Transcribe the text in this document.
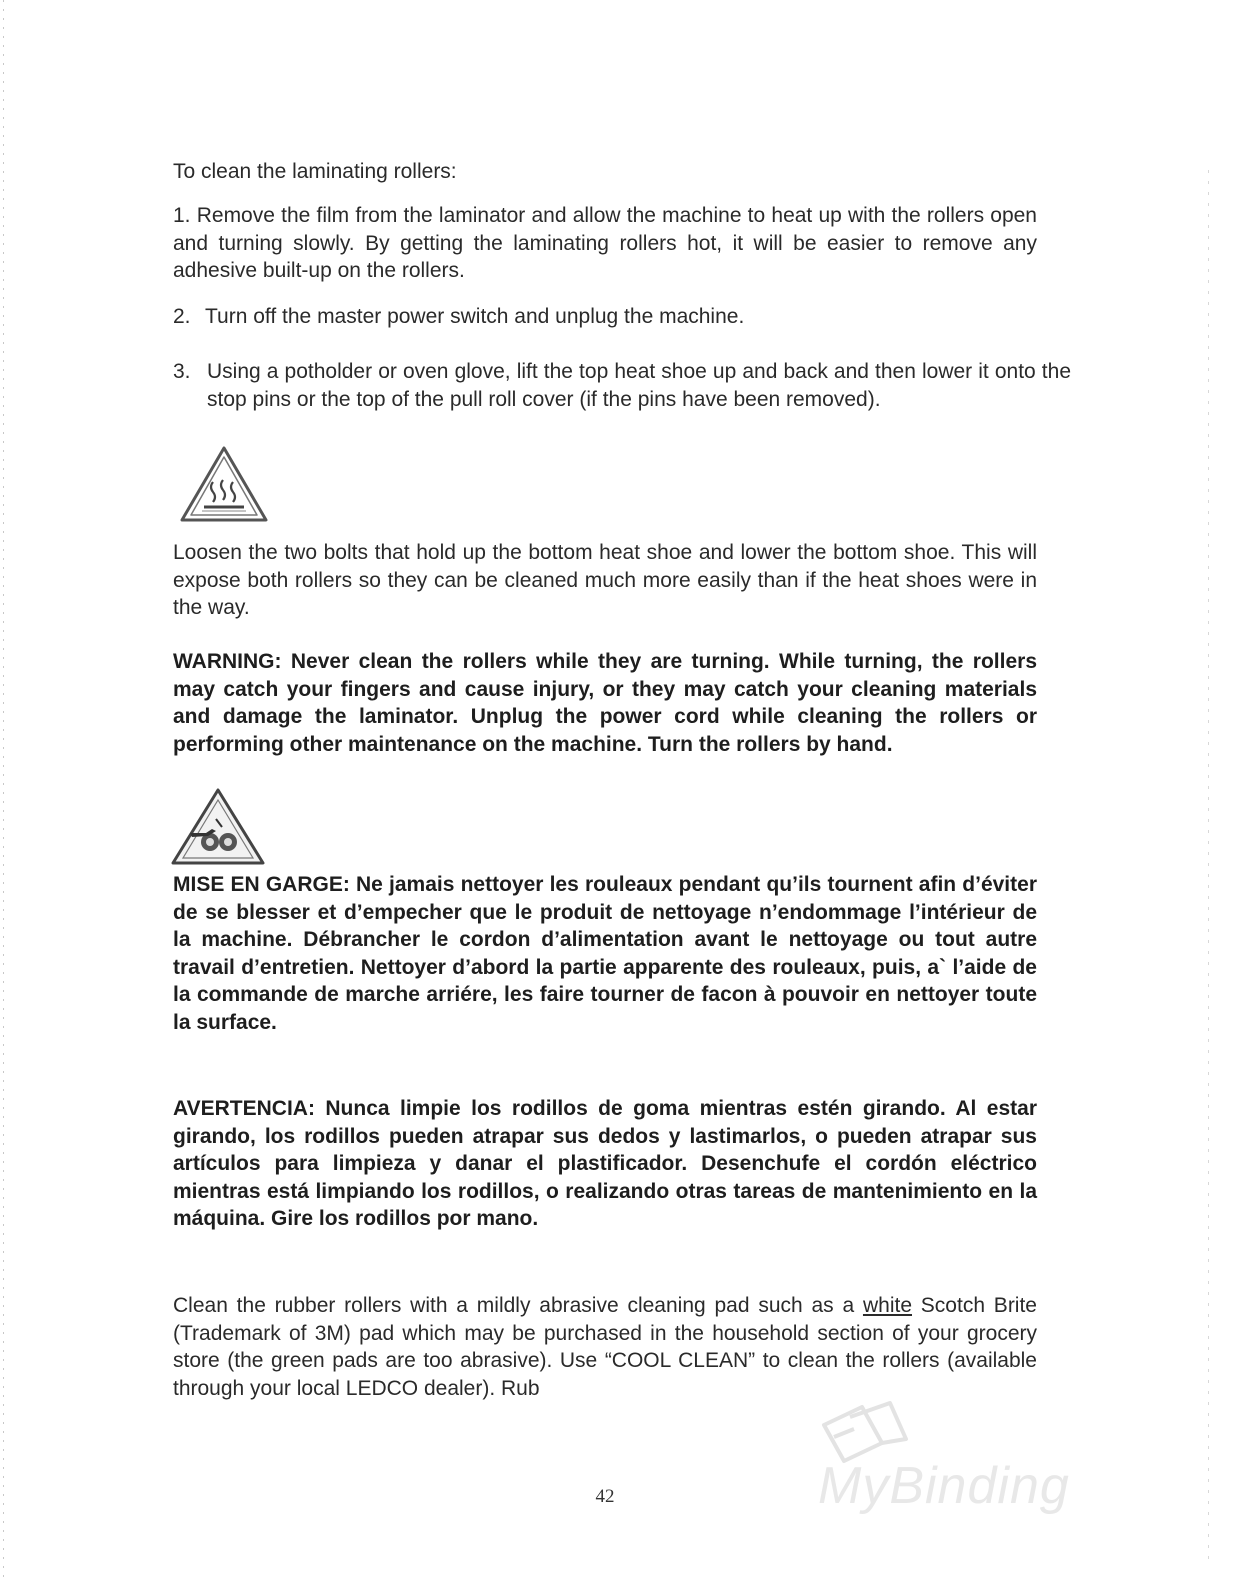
To clean the laminating rollers:

1. Remove the film from the laminator and allow the machine to heat up with the rollers open and turning slowly. By getting the laminating rollers hot, it will be easier to remove any adhesive built-up on the rollers.

2. Turn off the master power switch and unplug the machine.

3. Using a potholder or oven glove, lift the top heat shoe up and back and then lower it onto the stop pins or the top of the pull roll cover (if the pins have been removed).

Loosen the two bolts that hold up the bottom heat shoe and lower the bottom shoe. This will expose both rollers so they can be cleaned much more easily than if the heat shoes were in the way.

WARNING: Never clean the rollers while they are turning. While turning, the rollers may catch your fingers and cause injury, or they may catch your cleaning materials and damage the laminator. Unplug the power cord while cleaning the rollers or performing other maintenance on the machine. Turn the rollers by hand.

MISE EN GARGE: Ne jamais nettoyer les rouleaux pendant qu’ils tournent afin d’éviter de se blesser et d’empecher que le produit de nettoyage n’endommage l’intérieur de la machine. Débrancher le cordon d’alimentation avant le nettoyage ou tout autre travail d’entretien. Nettoyer d’abord la partie apparente des rouleaux, puis, a` l’aide de la commande de marche arriére, les faire tourner de facon à pouvoir en nettoyer toute la surface.

AVERTENCIA: Nunca limpie los rodillos de goma mientras estén girando. Al estar girando, los rodillos pueden atrapar sus dedos y lastimarlos, o pueden atrapar sus artículos para limpieza y danar el plastificador. Desenchufe el cordón eléctrico mientras está limpiando los rodillos, o realizando otras tareas de mantenimiento en la máquina. Gire los rodillos por mano.

Clean the rubber rollers with a mildly abrasive cleaning pad such as a white Scotch Brite (Trademark of 3M) pad which may be purchased in the household section of your grocery store (the green pads are too abrasive). Use “COOL CLEAN” to clean the rollers (available through your local LEDCO dealer). Rub

42	MyBinding
